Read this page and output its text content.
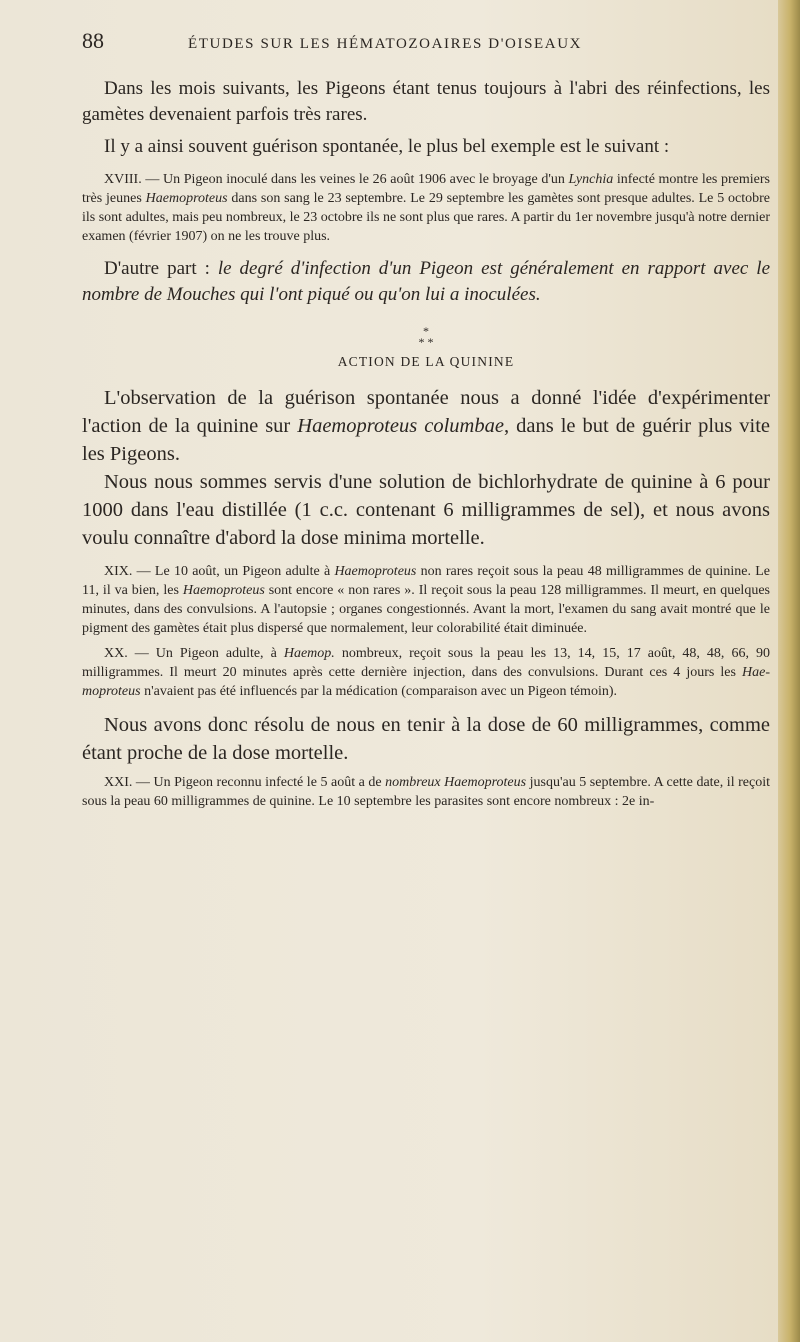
88	ÉTUDES SUR LES HÉMATOZOAIRES D'OISEAUX

Dans les mois suivants, les Pigeons étant tenus toujours à l'abri des réinfections, les gamètes devenaient parfois très rares.

Il y a ainsi souvent guérison spontanée, le plus bel exemple est le suivant :

XVIII. — Un Pigeon inoculé dans les veines le 26 août 1906 avec le broyage d'un Lynchia infecté montre les premiers très jeunes Haemoproteus dans son sang le 23 septembre. Le 29 septembre les gamètes sont presque adultes. Le 5 octobre ils sont adultes, mais peu nombreux, le 23 octobre ils ne sont plus que rares. A partir du 1er novembre jusqu'à notre dernier examen (février 1907) on ne les trouve plus.

D'autre part : le degré d'infection d'un Pigeon est généralement en rapport avec le nombre de Mouches qui l'ont piqué ou qu'on lui a inoculées.

*
* *
ACTION DE LA QUININE

L'observation de la guérison spontanée nous a donné l'idée d'expérimenter l'action de la quinine sur Haemoproteus columbae, dans le but de guérir plus vite les Pigeons.

Nous nous sommes servis d'une solution de bichlorhydrate de quinine à 6 pour 1000 dans l'eau distillée (1 c.c. contenant 6 milligrammes de sel), et nous avons voulu connaître d'abord la dose minima mortelle.

XIX. — Le 10 août, un Pigeon adulte à Haemoproteus non rares reçoit sous la peau 48 milligrammes de quinine. Le 11, il va bien, les Haemoproteus sont encore « non rares ». Il reçoit sous la peau 128 milligrammes. Il meurt, en quelques minutes, dans des convulsions. A l'autopsie ; organes congestionnés. Avant la mort, l'examen du sang avait montré que le pigment des gamètes était plus dispersé que normalement, leur colorabilité était diminuée.

XX. — Un Pigeon adulte, à Haemop. nombreux, reçoit sous la peau les 13, 14, 15, 17 août, 48, 48, 66, 90 milligrammes. Il meurt 20 minutes après cette dernière injection, dans des convulsions. Durant ces 4 jours les Haemoproteus n'avaient pas été influencés par la médication (comparaison avec un Pigeon témoin).

Nous avons donc résolu de nous en tenir à la dose de 60 milligrammes, comme étant proche de la dose mortelle.

XXI. — Un Pigeon reconnu infecté le 5 août a de nombreux Haemoproteus jusqu'au 5 septembre. A cette date, il reçoit sous la peau 60 milligrammes de quinine. Le 10 septembre les parasites sont encore nombreux : 2e in-
